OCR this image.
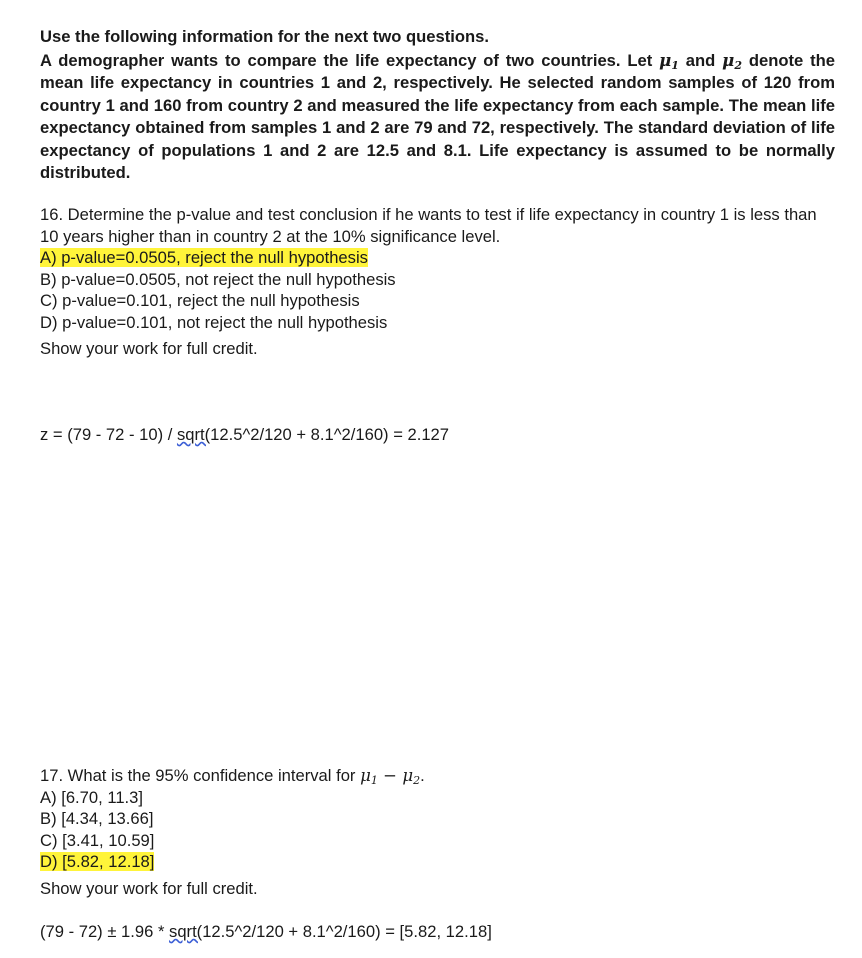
Use the following information for the next two questions.

A demographer wants to compare the life expectancy of two countries. Let $\mu_1$ and $\mu_2$ denote the mean life expectancy in countries 1 and 2, respectively. He selected random samples of 120 from country 1 and 160 from country 2 and measured the life expectancy from each sample. The mean life expectancy obtained from samples 1 and 2 are 79 and 72, respectively. The standard deviation of life expectancy of populations 1 and 2 are 12.5 and 8.1. Life expectancy is assumed to be normally distributed.

16. Determine the p-value and test conclusion if he wants to test if life expectancy in country 1 is less than 10 years higher than in country 2 at the 10% significance level.

A) p-value=0.0505, reject the null hypothesis
B) p-value=0.0505, not reject the null hypothesis
C) p-value=0.101, reject the null hypothesis
D) p-value=0.101, not reject the null hypothesis

Show your work for full credit.

z = (79 - 72 - 10) / sqrt(12.5^2/120 + 8.1^2/160) = 2.127

17. What is the 95% confidence interval for $\mu_1 - \mu_2$.

A) [6.70, 11.3]
B) [4.34, 13.66]
C) [3.41, 10.59]
D) [5.82, 12.18]

Show your work for full credit.

(79 - 72) ± 1.96 * sqrt(12.5^2/120 + 8.1^2/160) = [5.82, 12.18]
